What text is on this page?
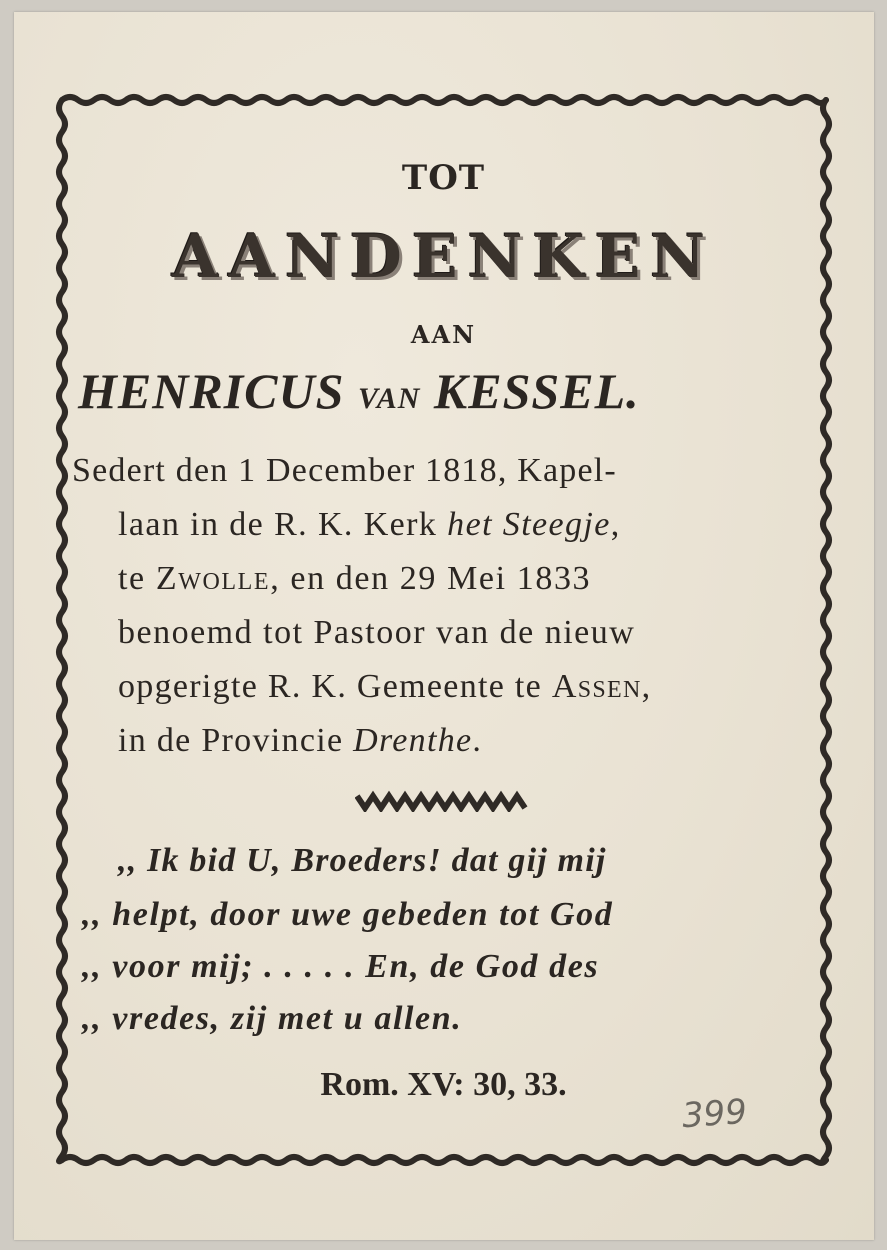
TOT
AANDENKEN
AAN
HENRICUS VAN KESSEL.
Sedert den 1 December 1818, Kapel-
laan in de R. K. Kerk het Steegje,
te Zwolle, en den 29 Mei 1833
benoemd tot Pastoor van de nieuw
opgerigte R. K. Gemeente te Assen,
in de Provincie Drenthe.
,, Ik bid U, Broeders! dat gij mij
,, helpt, door uwe gebeden tot God
,, voor mij; . . . . . En, de God des
,, vredes, zij met u allen.
Rom. XV: 30, 33.
399
